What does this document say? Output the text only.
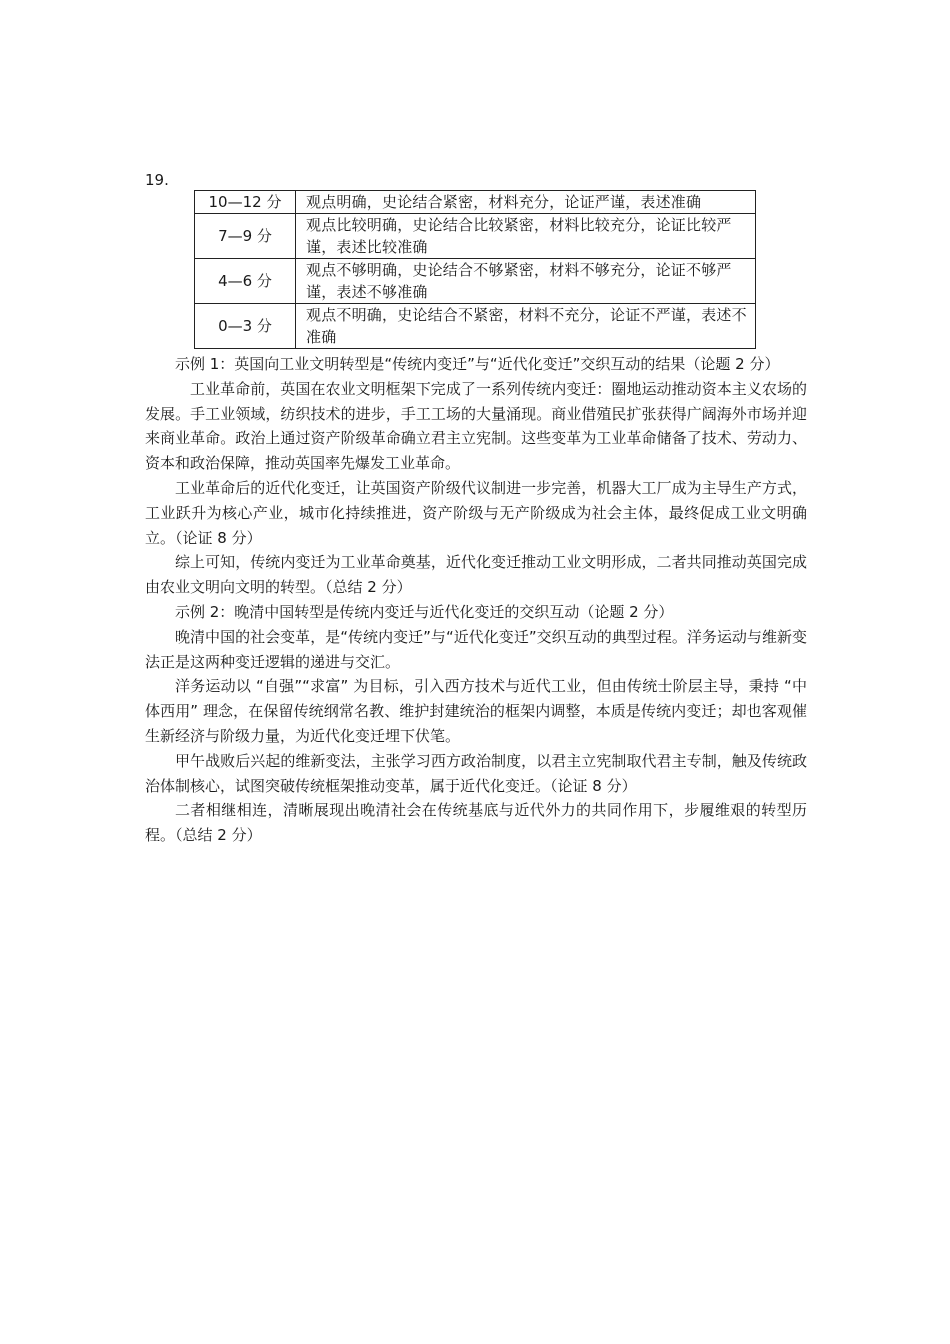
19.
10—12 分	观点明确，史论结合紧密，材料充分，论证严谨，表述准确
7—9 分	观点比较明确，史论结合比较紧密，材料比较充分，论证比较严谨，表述比较准确
4—6 分	观点不够明确，史论结合不够紧密，材料不够充分，论证不够严谨，表述不够准确
0—3 分	观点不明确，史论结合不紧密，材料不充分，论证不严谨，表述不准确

示例 1：英国向工业文明转型是“传统内变迁”与“近代化变迁”交织互动的结果（论题 2 分）

工业革命前，英国在农业文明框架下完成了一系列传统内变迁：圈地运动推动资本主义农场的发展。手工业领域，纺织技术的进步，手工工场的大量涌现。商业借殖民扩张获得广阔海外市场并迎来商业革命。政治上通过资产阶级革命确立君主立宪制。这些变革为工业革命储备了技术、劳动力、资本和政治保障，推动英国率先爆发工业革命。

工业革命后的近代化变迁，让英国资产阶级代议制进一步完善，机器大工厂成为主导生产方式，工业跃升为核心产业，城市化持续推进，资产阶级与无产阶级成为社会主体，最终促成工业文明确立。（论证 8 分）

综上可知，传统内变迁为工业革命奠基，近代化变迁推动工业文明形成，二者共同推动英国完成由农业文明向文明的转型。（总结 2 分）

示例 2：晚清中国转型是传统内变迁与近代化变迁的交织互动（论题 2 分）

晚清中国的社会变革，是“传统内变迁”与“近代化变迁”交织互动的典型过程。洋务运动与维新变法正是这两种变迁逻辑的递进与交汇。

洋务运动以 “自强”“求富” 为目标，引入西方技术与近代工业，但由传统士阶层主导，秉持 “中体西用” 理念，在保留传统纲常名教、维护封建统治的框架内调整，本质是传统内变迁；却也客观催生新经济与阶级力量，为近代化变迁埋下伏笔。

甲午战败后兴起的维新变法，主张学习西方政治制度，以君主立宪制取代君主专制，触及传统政治体制核心，试图突破传统框架推动变革，属于近代化变迁。（论证 8 分）

二者相继相连，清晰展现出晚清社会在传统基底与近代外力的共同作用下，步履维艰的转型历程。（总结 2 分）
